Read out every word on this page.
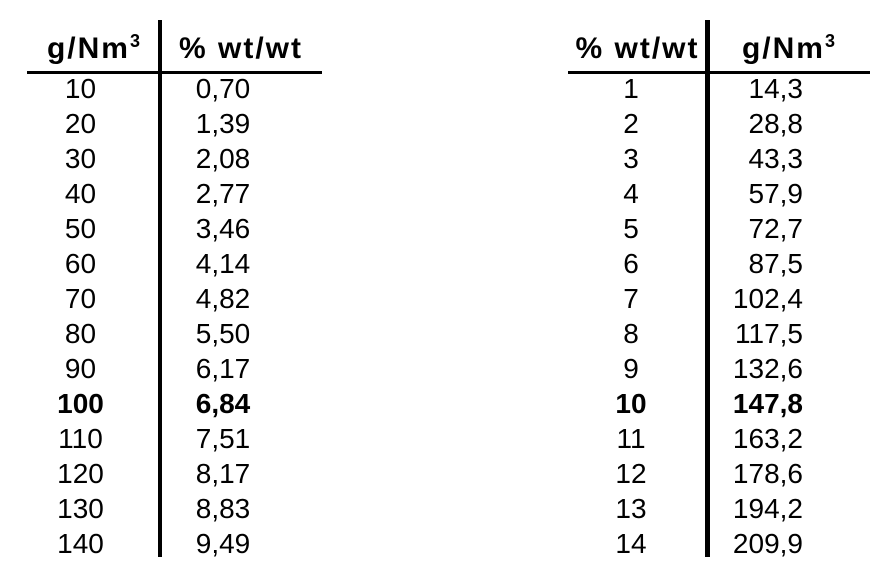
g/Nm$^3$	% wt/wt
10	0,70
20	1,39
30	2,08
40	2,77
50	3,46
60	4,14
70	4,82
80	5,50
90	6,17
100	6,84
110	7,51
120	8,17
130	8,83
140	9,49
% wt/wt	g/Nm$^3$
1	14,3
2	28,8
3	43,3
4	57,9
5	72,7
6	87,5
7	102,4
8	117,5
9	132,6
10	147,8
11	163,2
12	178,6
13	194,2
14	209,9
